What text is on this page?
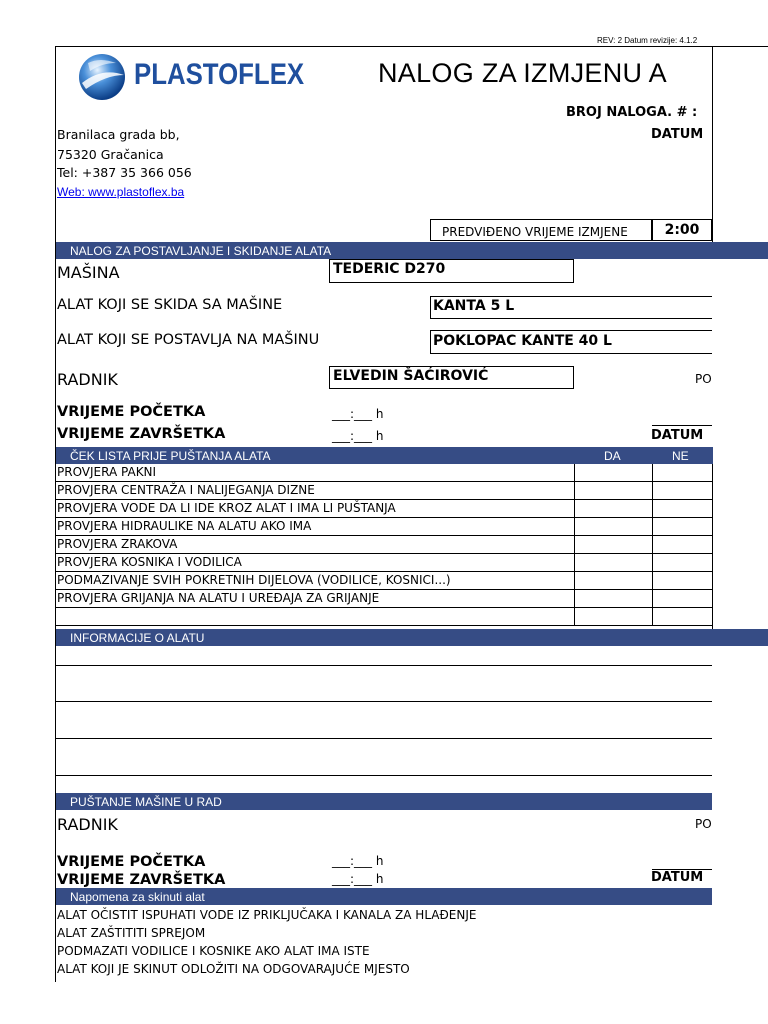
REV: 2 Datum revizije: 4.1.2
PLASTOFLEX	NALOG ZA IZMJENU A
BROJ NALOGA. # :
DATUM
Branilaca grada bb,
75320 Gračanica
Tel: +387 35 366 056
Web: www.plastoflex.ba
PREDVIĐENO VRIJEME IZMJENE	2:00
NALOG ZA POSTAVLJANJE I SKIDANJE ALATA
MAŠINA	TEDERIC D270
ALAT KOJI SE SKIDA SA MAŠINE	KANTA 5 L
ALAT KOJI SE POSTAVLJA NA MAŠINU	POKLOPAC KANTE 40 L
RADNIK	ELVEDIN ŠAĆIROVIĆ	PO
VRIJEME POČETKA	___:___ h
VRIJEME ZAVRŠETKA	___:___ h	DATUM
ČEK LISTA PRIJE PUŠTANJA ALATA	DA	NE
PROVJERA PAKNI
PROVJERA CENTRAŽA I NALIJEGANJA DIZNE
PROVJERA VODE DA LI IDE KROZ ALAT I IMA LI PUŠTANJA
PROVJERA HIDRAULIKE NA ALATU AKO IMA
PROVJERA ZRAKOVA
PROVJERA KOSNIKA I VODILICA
PODMAZIVANJE SVIH POKRETNIH DIJELOVA (VODILICE, KOSNICI...)
PROVJERA GRIJANJA NA ALATU I UREĐAJA ZA GRIJANJE
INFORMACIJE O ALATU
PUŠTANJE MAŠINE U RAD
RADNIK	PO
VRIJEME POČETKA	___:___ h
VRIJEME ZAVRŠETKA	___:___ h	DATUM
Napomena za skinuti alat
ALAT OČISTIT ISPUHATI VODE IZ PRIKLJUČAKA I KANALA ZA HLAĐENJE
ALAT ZAŠTITITI SPREJOM
PODMAZATI VODILICE I KOSNIKE AKO ALAT IMA ISTE
ALAT KOJI JE SKINUT ODLOŽITI NA ODGOVARAJUĆE MJESTO
